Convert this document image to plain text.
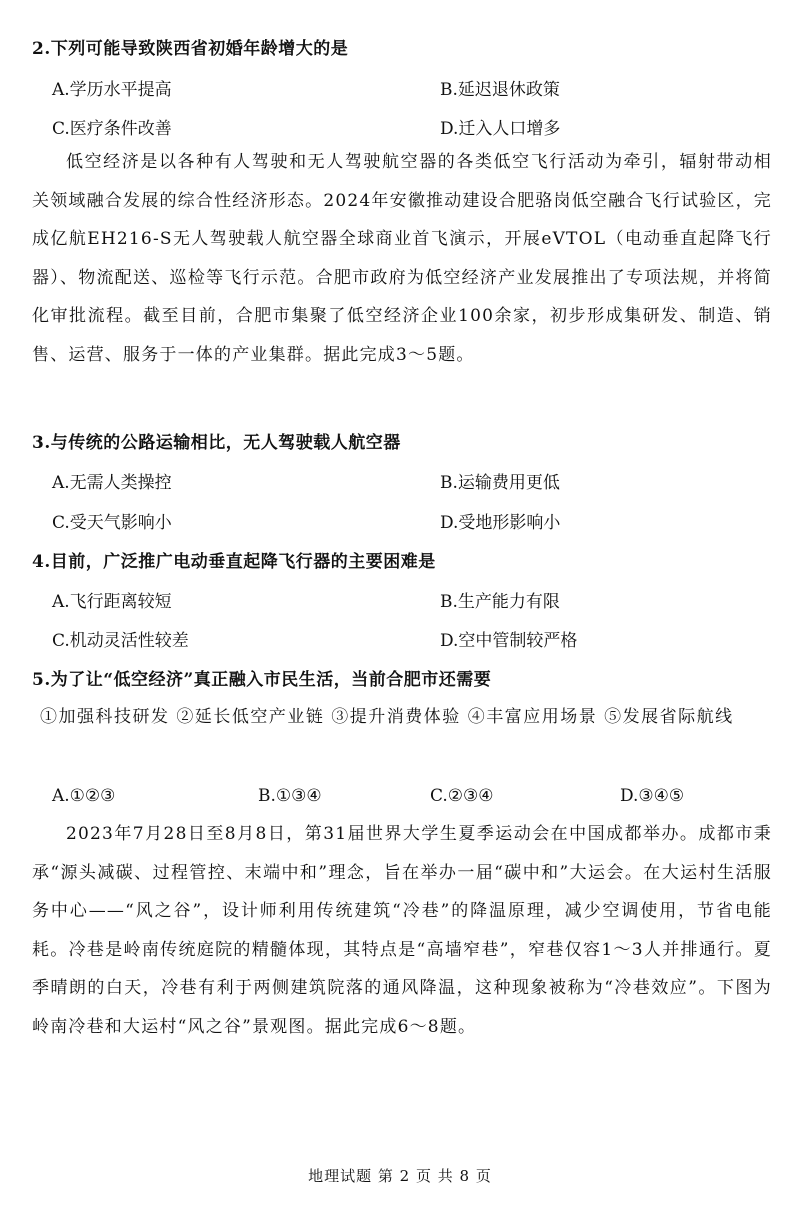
2.下列可能导致陕西省初婚年龄增大的是
A.学历水平提高	B.延迟退休政策
C.医疗条件改善	D.迁入人口增多

低空经济是以各种有人驾驶和无人驾驶航空器的各类低空飞行活动为牵引，辐射带动相关领域融合发展的综合性经济形态。2024年安徽推动建设合肥骆岗低空融合飞行试验区，完成亿航EH216-S无人驾驶载人航空器全球商业首飞演示，开展eVTOL（电动垂直起降飞行器）、物流配送、巡检等飞行示范。合肥市政府为低空经济产业发展推出了专项法规，并将简化审批流程。截至目前，合肥市集聚了低空经济企业100余家，初步形成集研发、制造、销售、运营、服务于一体的产业集群。据此完成3～5题。

3.与传统的公路运输相比，无人驾驶载人航空器
A.无需人类操控	B.运输费用更低
C.受天气影响小	D.受地形影响小
4.目前，广泛推广电动垂直起降飞行器的主要困难是
A.飞行距离较短	B.生产能力有限
C.机动灵活性较差	D.空中管制较严格
5.为了让“低空经济”真正融入市民生活，当前合肥市还需要

①加强科技研发 ②延长低空产业链 ③提升消费体验 ④丰富应用场景 ⑤发展省际航线

A.①②③	B.①③④	C.②③④	D.③④⑤

2023年7月28日至8月8日，第31届世界大学生夏季运动会在中国成都举办。成都市秉承“源头减碳、过程管控、末端中和”理念，旨在举办一届“碳中和”大运会。在大运村生活服务中心——“风之谷”，设计师利用传统建筑“冷巷”的降温原理，减少空调使用，节省电能耗。冷巷是岭南传统庭院的精髓体现，其特点是“高墙窄巷”，窄巷仅容1～3人并排通行。夏季晴朗的白天，冷巷有利于两侧建筑院落的通风降温，这种现象被称为“冷巷效应”。下图为岭南冷巷和大运村“风之谷”景观图。据此完成6～8题。

地理试题 第 2 页 共 8 页
